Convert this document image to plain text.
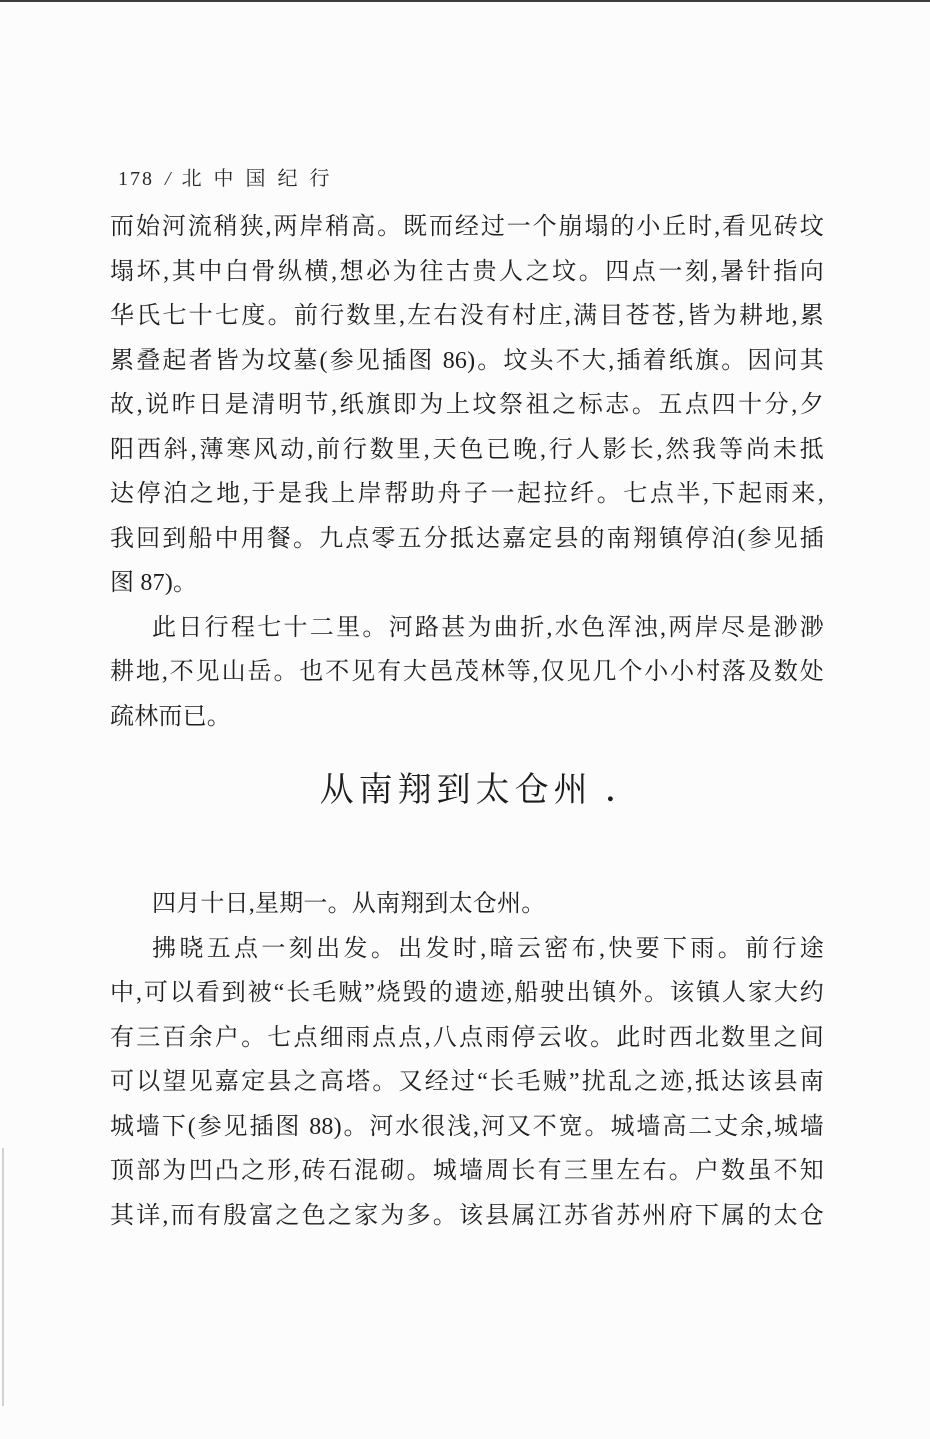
178 / 北中国纪行
而始河流稍狭,两岸稍高。既而经过一个崩塌的小丘时,看见砖坟
塌坏,其中白骨纵横,想必为往古贵人之坟。四点一刻,暑针指向
华氏七十七度。前行数里,左右没有村庄,满目苍苍,皆为耕地,累
累叠起者皆为坟墓(参见插图 86)。坟头不大,插着纸旗。因问其
故,说昨日是清明节,纸旗即为上坟祭祖之标志。五点四十分,夕
阳西斜,薄寒风动,前行数里,天色已晚,行人影长,然我等尚未抵
达停泊之地,于是我上岸帮助舟子一起拉纤。七点半,下起雨来,
我回到船中用餐。九点零五分抵达嘉定县的南翔镇停泊(参见插
图 87)。
此日行程七十二里。河路甚为曲折,水色浑浊,两岸尽是渺渺
耕地,不见山岳。也不见有大邑茂林等,仅见几个小小村落及数处
疏林而已。
从南翔到太仓州 .
四月十日,星期一。从南翔到太仓州。
拂晓五点一刻出发。出发时,暗云密布,快要下雨。前行途
中,可以看到被“长毛贼”烧毁的遗迹,船驶出镇外。该镇人家大约
有三百余户。七点细雨点点,八点雨停云收。此时西北数里之间
可以望见嘉定县之高塔。又经过“长毛贼”扰乱之迹,抵达该县南
城墙下(参见插图 88)。河水很浅,河又不宽。城墙高二丈余,城墙
顶部为凹凸之形,砖石混砌。城墙周长有三里左右。户数虽不知
其详,而有殷富之色之家为多。该县属江苏省苏州府下属的太仓
